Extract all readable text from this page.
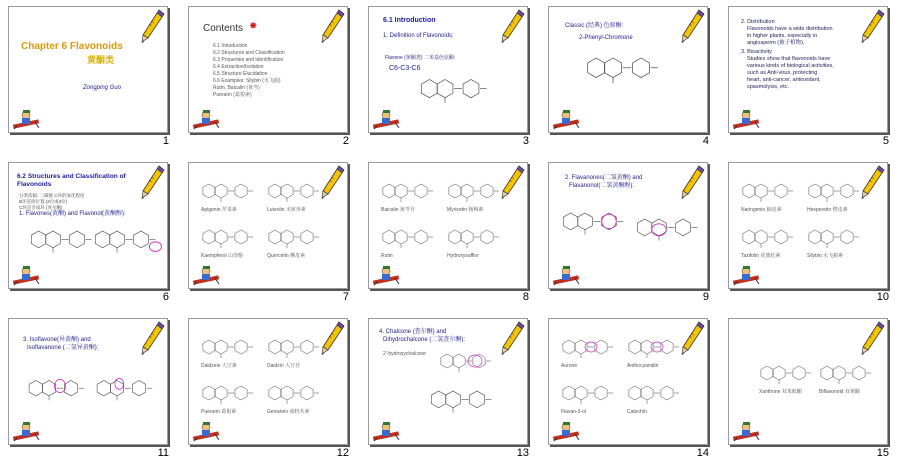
Chapter 6 Flavonoids
黄酮类
Zongping Guo
1
Contents ✸
6.1 Introduction
6.2 Structures and Classification
6.3 Properties and Identification
6.4 Extraction/Isolation
6.5 Structure Elucidation
6.6 Examples: Silybin (水飞蓟)
Rutin, Baicalin (黄芩)
Puerarin (葛根素)
2
6.1 Introduction
1. Definition of Flavonoids:
Flavone (黄酮类) 二苯基色原酮:
C6-C3-C6
3
Classic (经典) 色原酮:
2-Phenyl-Chromone
4
2. Distribution
Flavonoids have a wide distribution
in higher plants, especially in
angiosperm (被子植物).
3. Bioactivity
Studies show that flavonoids have
various kinds of biological activities,
such as Anti-virus, protecting
heart, anti-cancer, antioxidant,
spasmolysis, etc.
5
6.2 Structures and Classification of Flavonoids
分类依据: 三碳链 C环的氧化程度
B环连接位置 (2位或3位)
C环是否成环 (查尔酮)
1. Flavones(黄酮) and Flavonol(黄酮醇):
6
Apigenin 芹菜素	Luteolin 木犀草素
Kaempferol 山柰酚	Quercetin 槲皮素
7
Baicalin 黄芩苷	Myricetin 杨梅素
Rutin	Hydroxysafflor
8
2. Flavanones(二氢黄酮) and
Flavanonol(二氢黄酮醇):
9
Naringenin 柚皮素	Hesperetin 橙皮素
Taxifolin 花旗松素	Silybin 水飞蓟素
10
3. Isoflavone(异黄酮) and
Isoflavanone (二氢异黄酮):
11
Daidzein 大豆素	Daidzin 大豆苷
Puerarin 葛根素	Genistein 染料木素
12
4. Chalcone (查尔酮) and
Dihydrochalcone (二氢查尔酮):
2'-hydroxychalcone
13
Aurone	Anthocyanidin
Flavan-3-ol	Catechin
14
Xanthone 双苯吡酮	Biflavonoid 双黄酮
15
